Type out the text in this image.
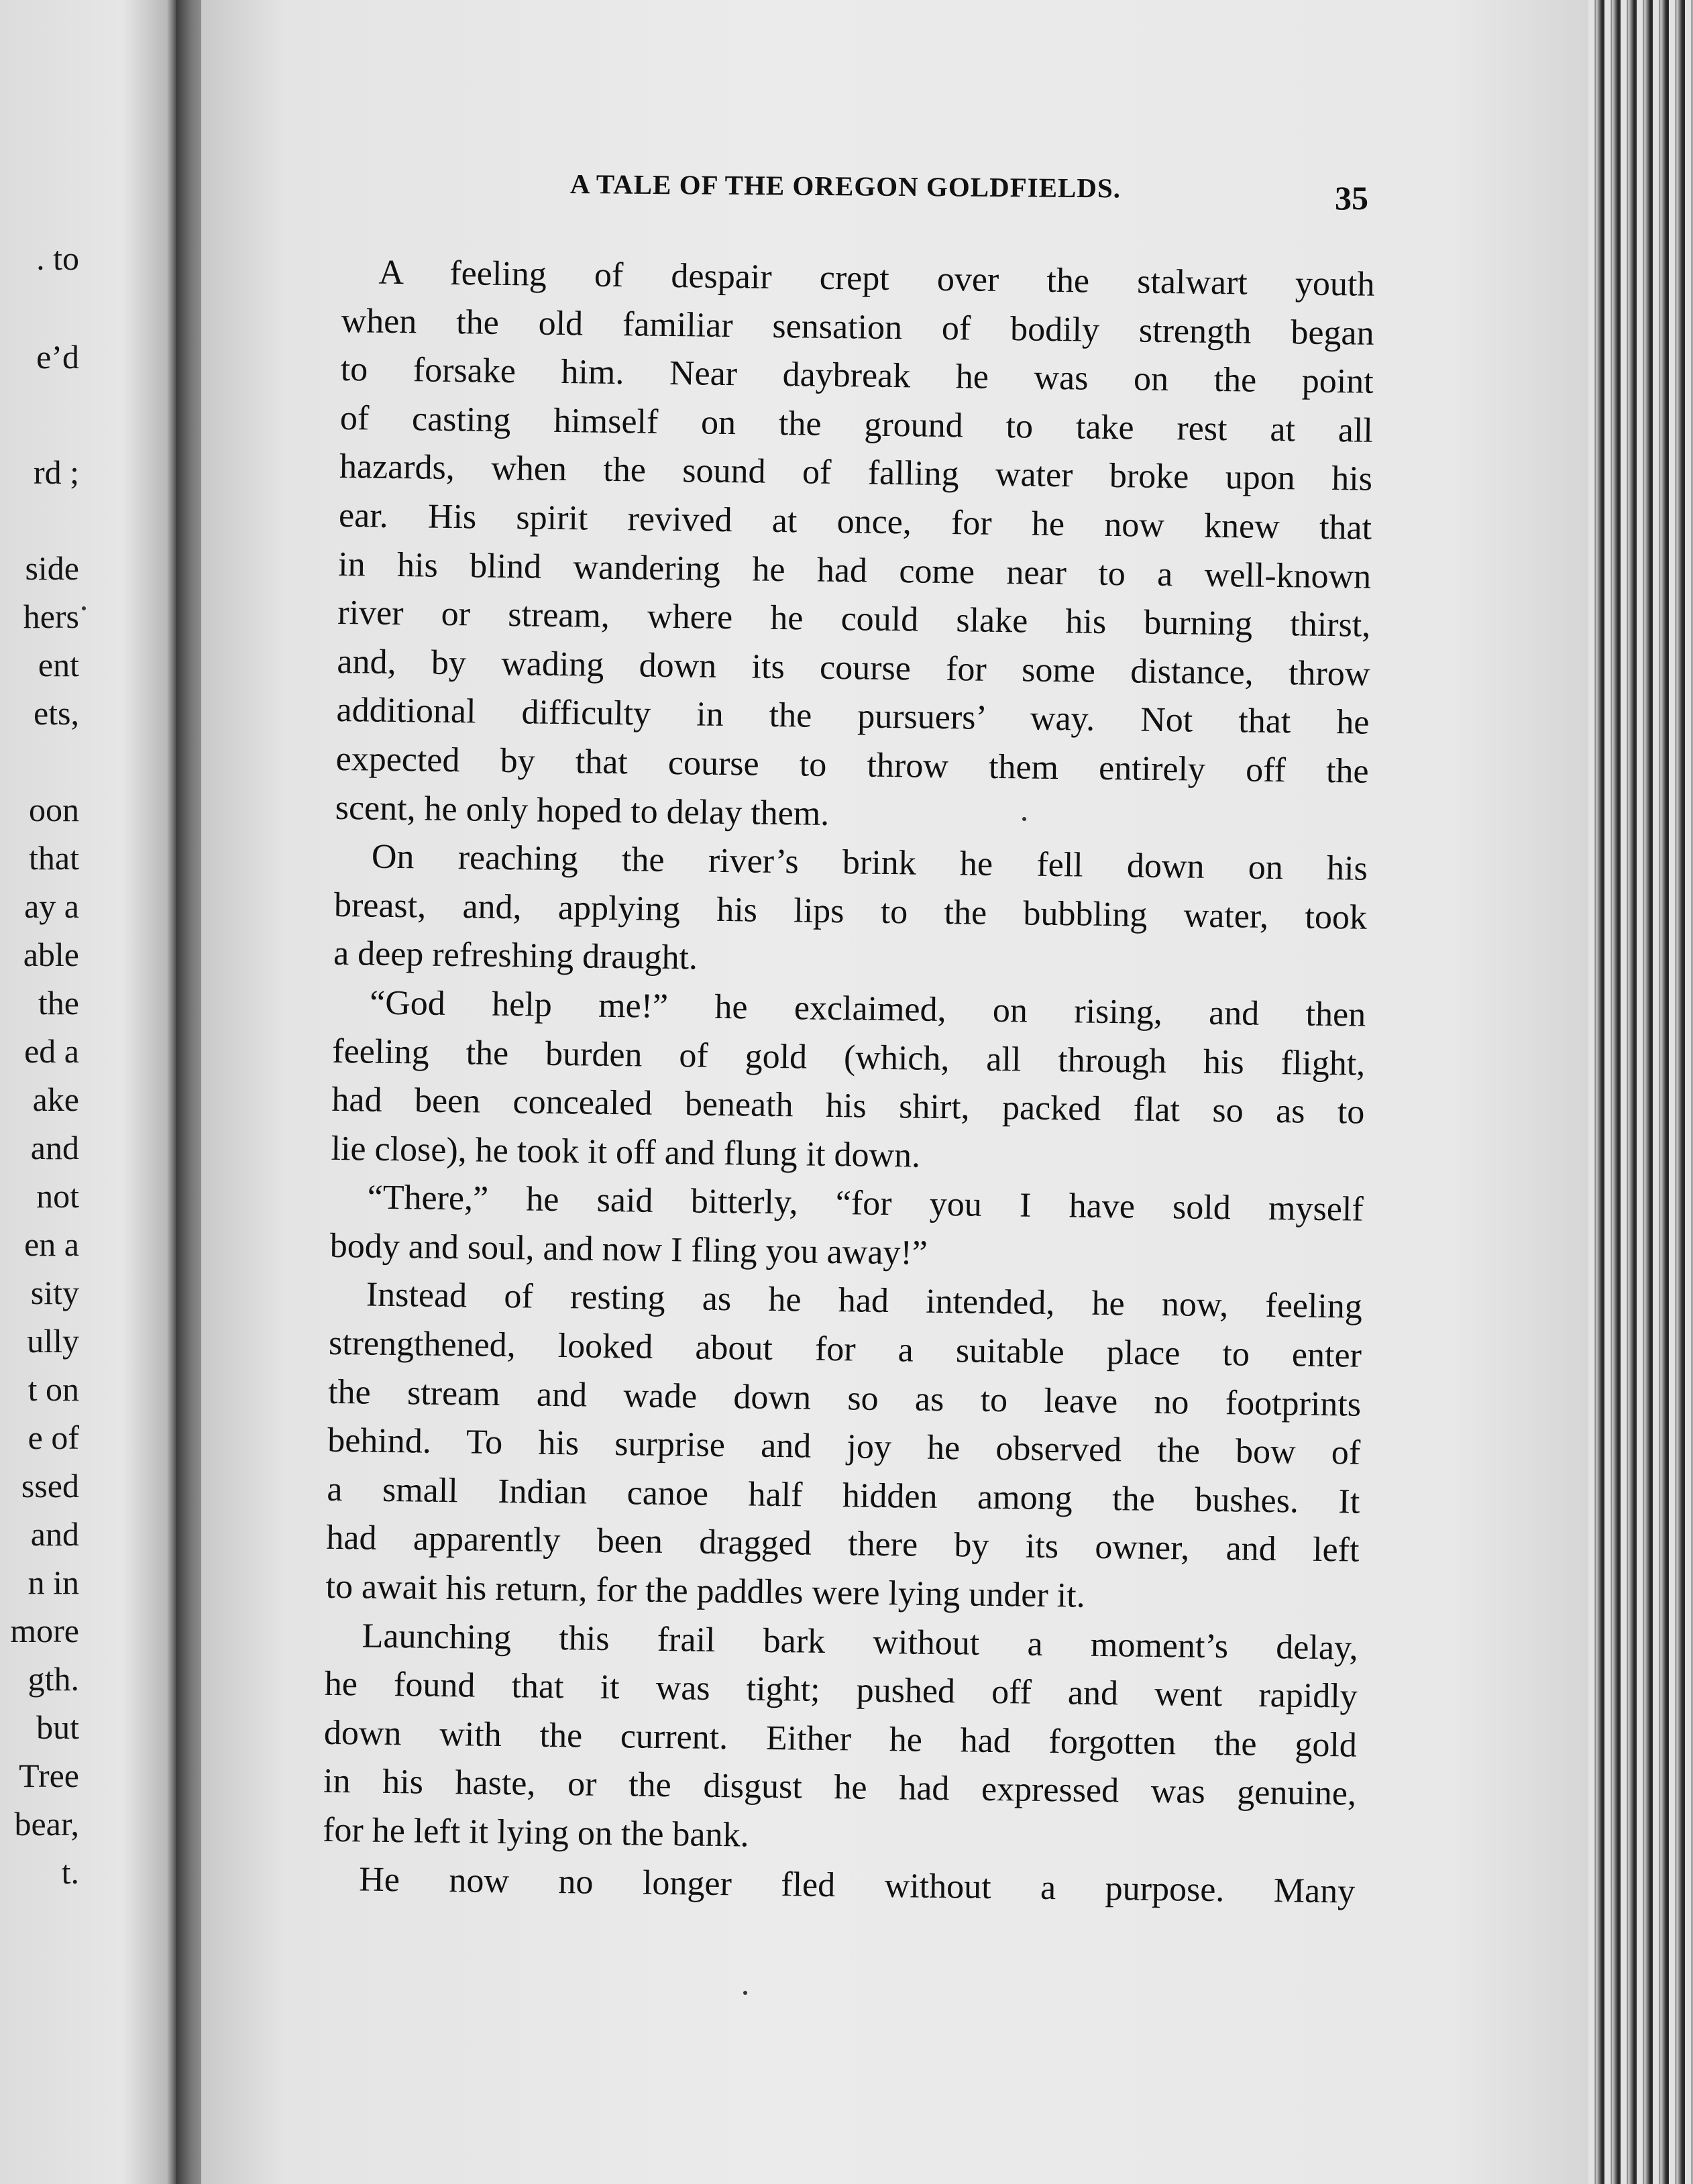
. to
e’d
rd ;
side
hers
ent
ets,
oon
that
ay a
able
the
ed a
ake
and
not
en a
sity
ully
t on
e of
ssed
and
n in
more
gth.
but
Tree
bear,
t.
A TALE OF THE OREGON GOLDFIELDS.	35
A feeling of despair crept over the stalwart youth
when the old familiar sensation of bodily strength began
to forsake him. Near daybreak he was on the point
of casting himself on the ground to take rest at all
hazards, when the sound of falling water broke upon his
ear. His spirit revived at once, for he now knew that
in his blind wandering he had come near to a well-known
river or stream, where he could slake his burning thirst,
and, by wading down its course for some distance, throw
additional difficulty in the pursuers’ way. Not that he
expected by that course to throw them entirely off the
scent, he only hoped to delay them.
On reaching the river’s brink he fell down on his
breast, and, applying his lips to the bubbling water, took
a deep refreshing draught.
“God help me!” he exclaimed, on rising, and then
feeling the burden of gold (which, all through his flight,
had been concealed beneath his shirt, packed flat so as to
lie close), he took it off and flung it down.
“There,” he said bitterly, “for you I have sold myself
body and soul, and now I fling you away!”
Instead of resting as he had intended, he now, feeling
strengthened, looked about for a suitable place to enter
the stream and wade down so as to leave no footprints
behind. To his surprise and joy he observed the bow of
a small Indian canoe half hidden among the bushes. It
had apparently been dragged there by its owner, and left
to await his return, for the paddles were lying under it.
Launching this frail bark without a moment’s delay,
he found that it was tight; pushed off and went rapidly
down with the current. Either he had forgotten the gold
in his haste, or the disgust he had expressed was genuine,
for he left it lying on the bank.
He now no longer fled without a purpose. Many
